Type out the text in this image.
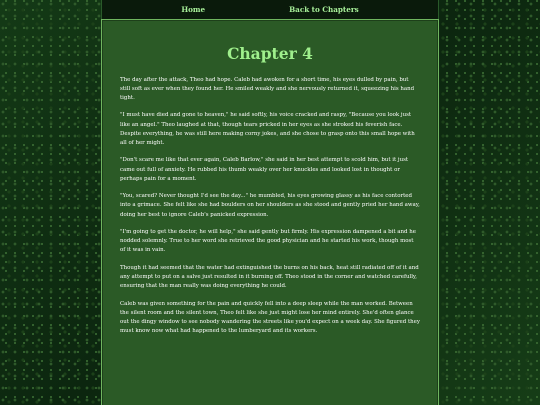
Home	Back to Chapters
Chapter 4

The day after the attack, Theo had hope. Caleb had awoken for a short time, his eyes dulled by pain, but still soft as ever when they found her. He smiled weakly and she nervously returned it, squeezing his hand tight.

"I must have died and gone to heaven," he said softly, his voice cracked and raspy, "Because you look just like an angel." Theo laughed at that, though tears pricked in her eyes as she stroked his feverish face. Despite everything, he was still here making corny jokes, and she chose to grasp onto this small hope with all of her might.

"Don't scare me like that ever again, Caleb Barlow," she said in her best attempt to scold him, but it just came out full of anxiety. He rubbed his thumb weakly over her knuckles and looked lost in thought or perhaps pain for a moment.

"You, scared? Never thought I'd see the day..." he mumbled, his eyes growing glassy as his face contorted into a grimace. She felt like she had boulders on her shoulders as she stood and gently pried her hand away, doing her best to ignore Caleb's panicked expression.

"I'm going to get the doctor, he will help," she said gently but firmly. His expression dampened a bit and he nodded solemnly. True to her word she retrieved the good physician and he started his work, though most of it was in vain.

Though it had seemed that the water had extinguished the burns on his back, heat still radiated off of it and any attempt to put on a salve just resulted in it burning off. Theo stood in the corner and watched carefully, ensuring that the man really was doing everything he could.

Caleb was given something for the pain and quickly fell into a deep sleep while the man worked. Between the silent room and the silent town, Theo felt like she just might lose her mind entirely. She'd often glance out the dingy window to see nobody wandering the streets like you'd expect on a week day. She figured they must know now what had happened to the lumberyard and its workers.
